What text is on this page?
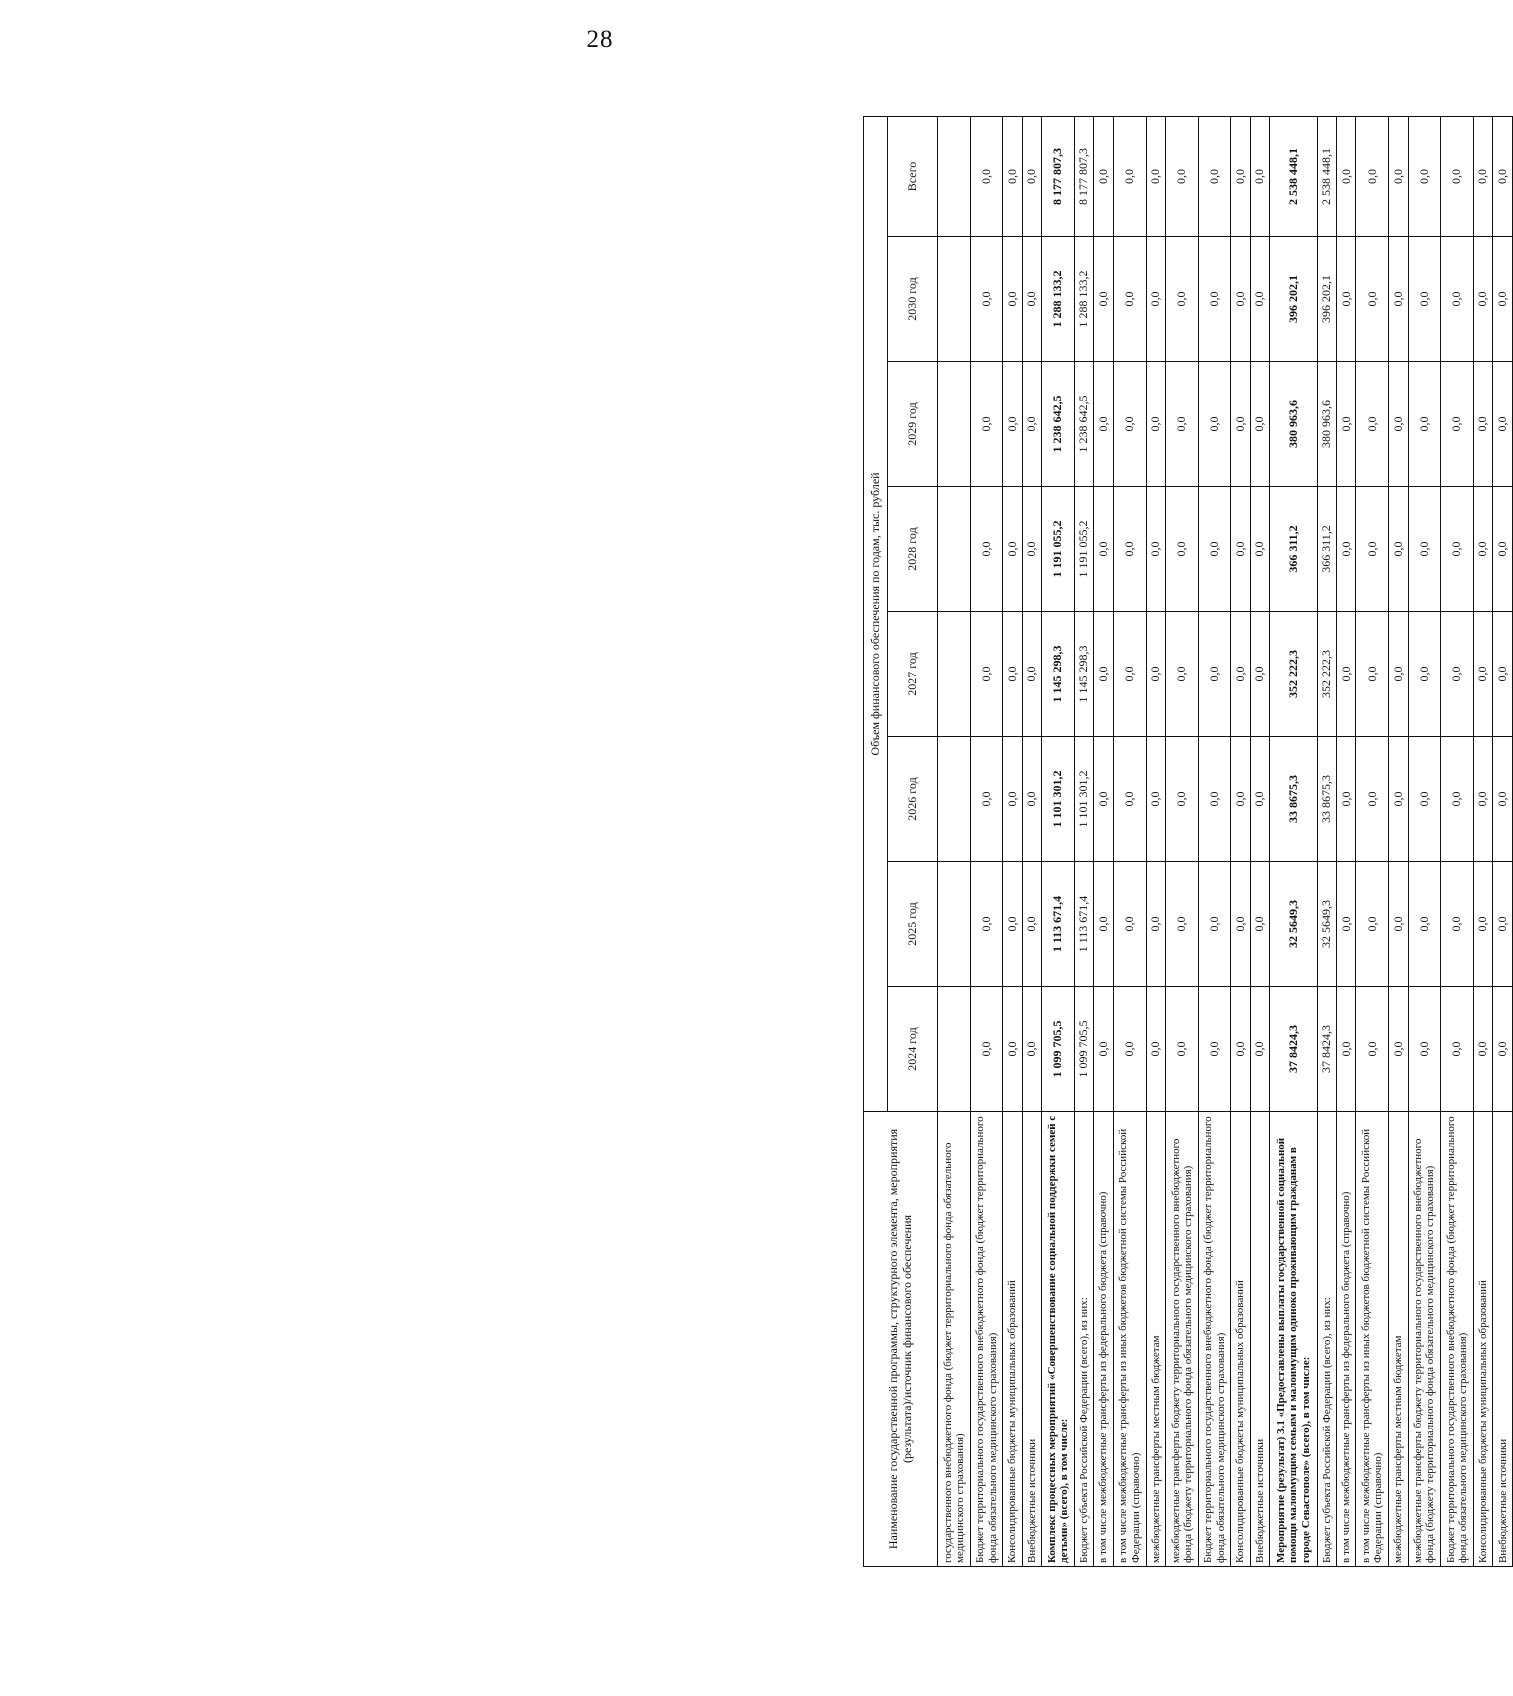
28
Наименование государственной программы, структурного элемента, мероприятия (результата)/источник финансового обеспечения	Объем финансового обеспечения по годам, тыс. рублей							
	2024 год	2025 год	2026 год	2027 год	2028 год	2029 год	2030 год	Всего
государственного внебюджетного фонда (бюджет территориального фонда обязательного медицинского страхования)								
Бюджет территориального государственного внебюджетного фонда (бюджет территориального фонда обязательного медицинского страхования)	0,0	0,0	0,0	0,0	0,0	0,0	0,0	0,0
Консолидированные бюджеты муниципальных образований	0,0	0,0	0,0	0,0	0,0	0,0	0,0	0,0
Внебюджетные источники	0,0	0,0	0,0	0,0	0,0	0,0	0,0	0,0
Комплекс процессных мероприятий «Совершенствование социальной поддержки семей с детьми» (всего), в том числе:	1 099 705,5	1 113 671,4	1 101 301,2	1 145 298,3	1 191 055,2	1 238 642,5	1 288 133,2	8 177 807,3
Бюджет субъекта Российской Федерации (всего), из них:	1 099 705,5	1 113 671,4	1 101 301,2	1 145 298,3	1 191 055,2	1 238 642,5	1 288 133,2	8 177 807,3
в том числе межбюджетные трансферты из федерального бюджета (справочно)	0,0	0,0	0,0	0,0	0,0	0,0	0,0	0,0
в том числе межбюджетные трансферты из иных бюджетов бюджетной системы Российской Федерации (справочно)	0,0	0,0	0,0	0,0	0,0	0,0	0,0	0,0
межбюджетные трансферты местным бюджетам	0,0	0,0	0,0	0,0	0,0	0,0	0,0	0,0
межбюджетные трансферты бюджету территориального государственного внебюджетного фонда (бюджету территориального фонда обязательного медицинского страхования)	0,0	0,0	0,0	0,0	0,0	0,0	0,0	0,0
Бюджет территориального государственного внебюджетного фонда (бюджет территориального фонда обязательного медицинского страхования)	0,0	0,0	0,0	0,0	0,0	0,0	0,0	0,0
Консолидированные бюджеты муниципальных образований	0,0	0,0	0,0	0,0	0,0	0,0	0,0	0,0
Внебюджетные источники	0,0	0,0	0,0	0,0	0,0	0,0	0,0	0,0
Мероприятие (результат) 3.1 «Предоставлены выплаты государственной социальной помощи малоимущим семьям и малоимущим одиноко проживающим гражданам в городе Севастополе» (всего), в том числе:	37 8424,3	32 5649,3	33 8675,3	352 222,3	366 311,2	380 963,6	396 202,1	2 538 448,1
Бюджет субъекта Российской Федерации (всего), из них:	37 8424,3	32 5649,3	33 8675,3	352 222,3	366 311,2	380 963,6	396 202,1	2 538 448,1
в том числе межбюджетные трансферты из федерального бюджета (справочно)	0,0	0,0	0,0	0,0	0,0	0,0	0,0	0,0
в том числе межбюджетные трансферты из иных бюджетов бюджетной системы Российской Федерации (справочно)	0,0	0,0	0,0	0,0	0,0	0,0	0,0	0,0
межбюджетные трансферты местным бюджетам	0,0	0,0	0,0	0,0	0,0	0,0	0,0	0,0
межбюджетные трансферты бюджету территориального государственного внебюджетного фонда (бюджету территориального фонда обязательного медицинского страхования)	0,0	0,0	0,0	0,0	0,0	0,0	0,0	0,0
Бюджет территориального государственного внебюджетного фонда (бюджет территориального фонда обязательного медицинского страхования)	0,0	0,0	0,0	0,0	0,0	0,0	0,0	0,0
Консолидированные бюджеты муниципальных образований	0,0	0,0	0,0	0,0	0,0	0,0	0,0	0,0
Внебюджетные источники	0,0	0,0	0,0	0,0	0,0	0,0	0,0	0,0
